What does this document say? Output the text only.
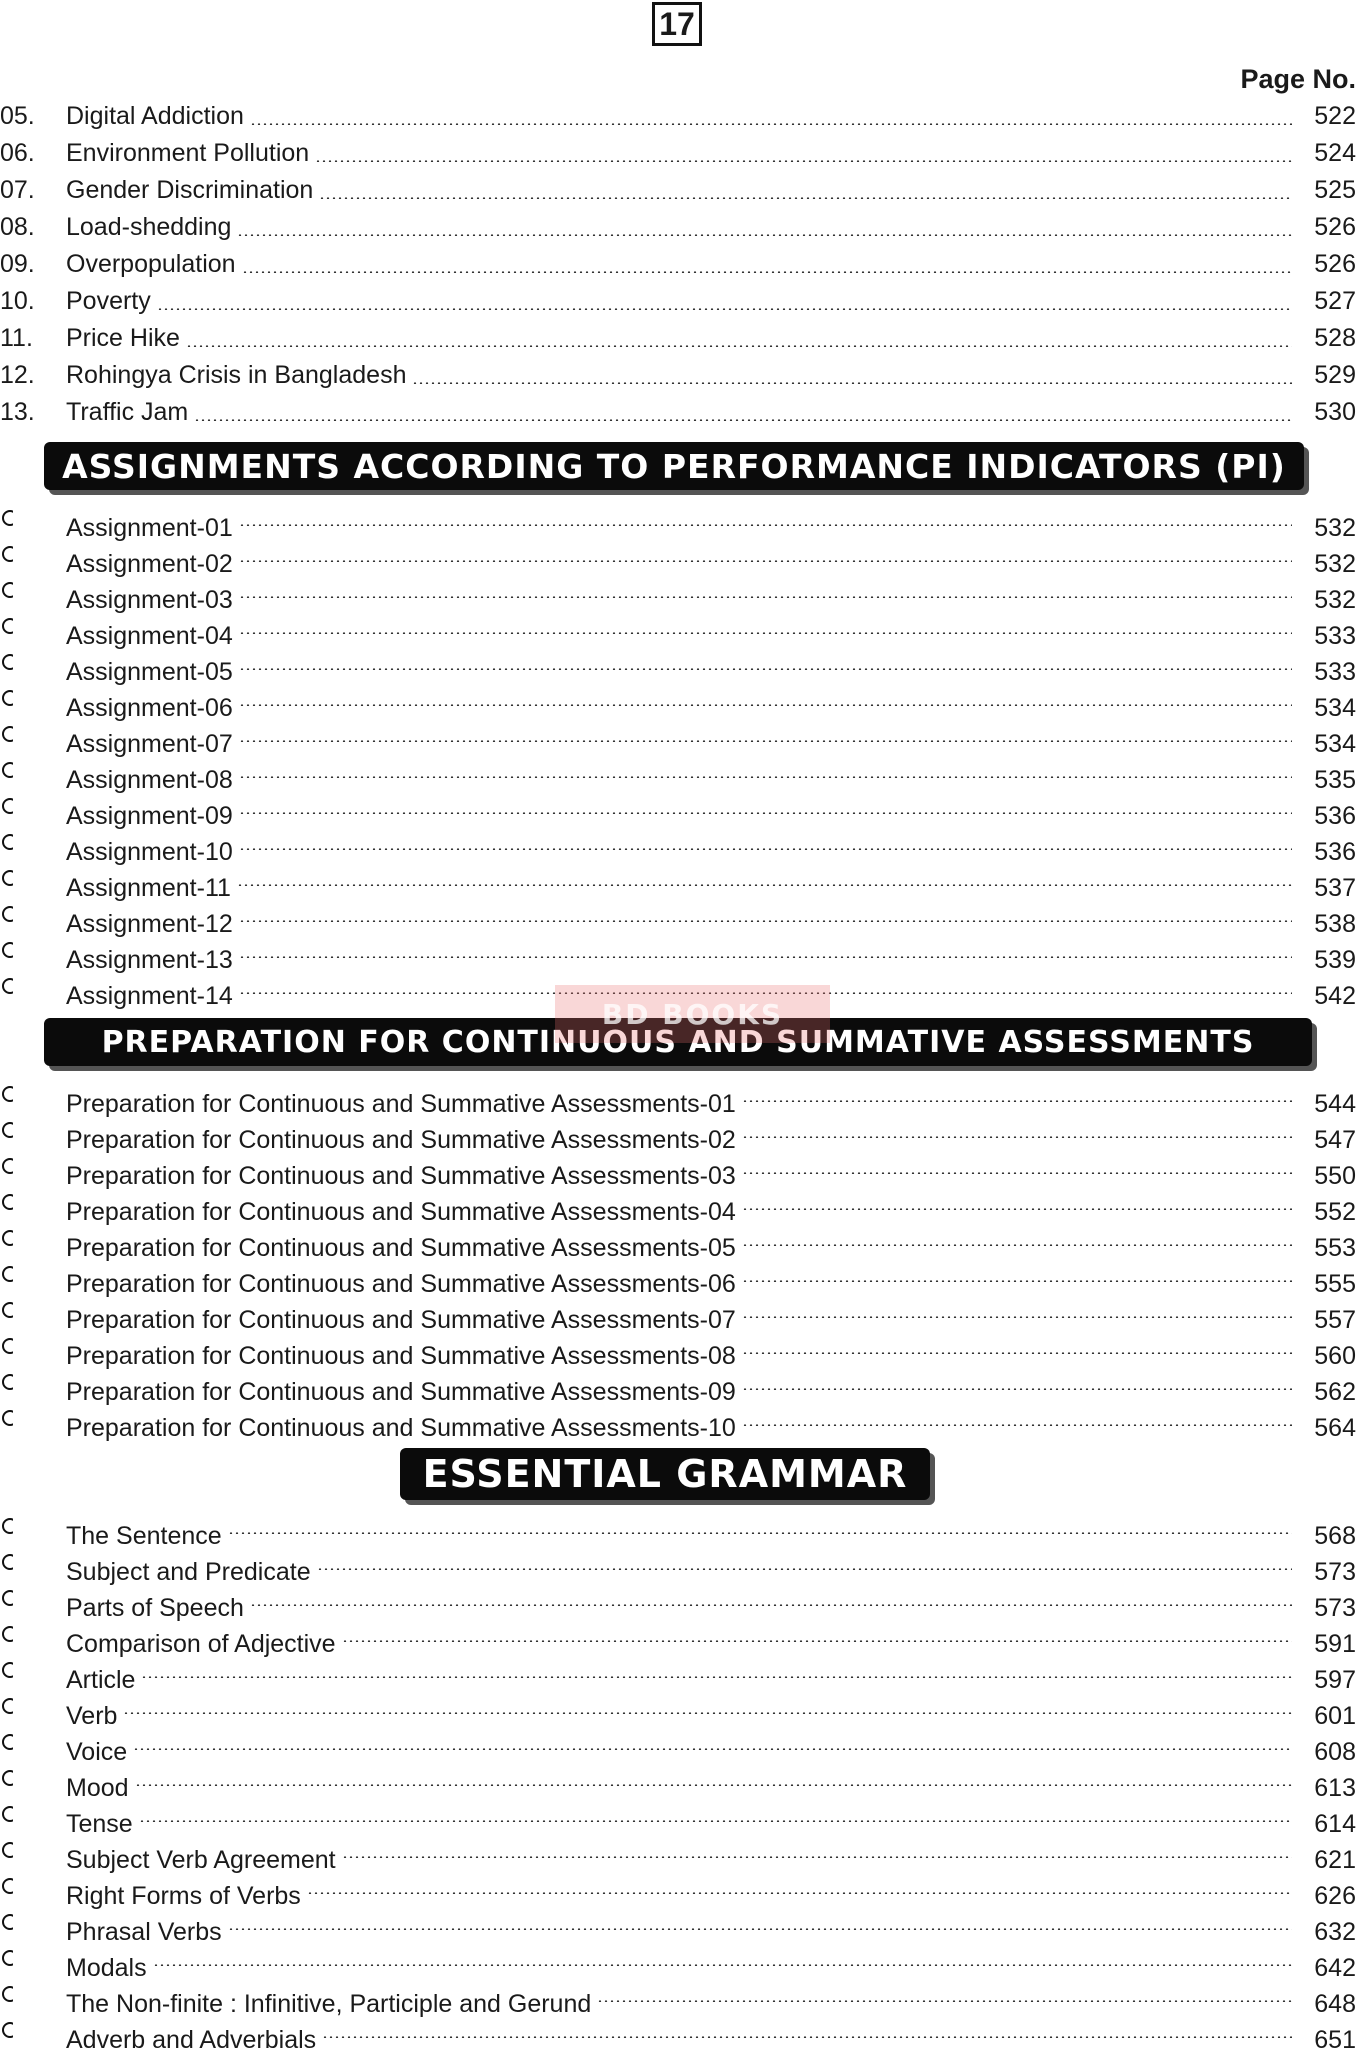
17
Page No.
05.	Digital Addiction	522
06.	Environment Pollution	524
07.	Gender Discrimination	525
08.	Load-shedding	526
09.	Overpopulation	526
10.	Poverty	527
11.	Price Hike	528
12.	Rohingya Crisis in Bangladesh	529
13.	Traffic Jam	530
ASSIGNMENTS ACCORDING TO PERFORMANCE INDICATORS (PI)
Assignment-01	532
Assignment-02	532
Assignment-03	532
Assignment-04	533
Assignment-05	533
Assignment-06	534
Assignment-07	534
Assignment-08	535
Assignment-09	536
Assignment-10	536
Assignment-11	537
Assignment-12	538
Assignment-13	539
Assignment-14	542
PREPARATION FOR CONTINUOUS AND SUMMATIVE ASSESSMENTS
Preparation for Continuous and Summative Assessments-01	544
Preparation for Continuous and Summative Assessments-02	547
Preparation for Continuous and Summative Assessments-03	550
Preparation for Continuous and Summative Assessments-04	552
Preparation for Continuous and Summative Assessments-05	553
Preparation for Continuous and Summative Assessments-06	555
Preparation for Continuous and Summative Assessments-07	557
Preparation for Continuous and Summative Assessments-08	560
Preparation for Continuous and Summative Assessments-09	562
Preparation for Continuous and Summative Assessments-10	564
ESSENTIAL GRAMMAR
The Sentence	568
Subject and Predicate	573
Parts of Speech	573
Comparison of Adjective	591
Article	597
Verb	601
Voice	608
Mood	613
Tense	614
Subject Verb Agreement	621
Right Forms of Verbs	626
Phrasal Verbs	632
Modals	642
The Non-finite : Infinitive, Participle and Gerund	648
Adverb and Adverbials	651
BD BOOKS
